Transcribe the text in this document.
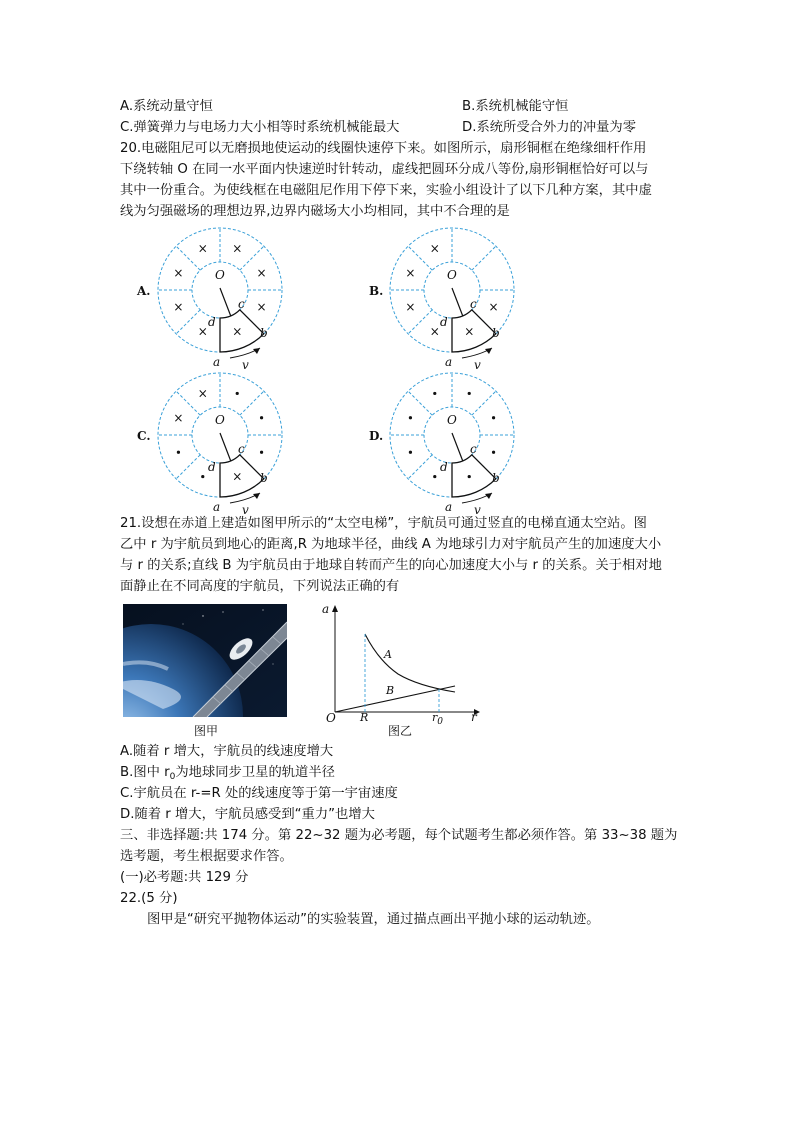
A.系统动量守恒	B.系统机械能守恒
C.弹簧弹力与电场力大小相等时系统机械能最大	D.系统所受合外力的冲量为零
20.电磁阻尼可以无磨损地使运动的线圈快速停下来。如图所示，扇形铜框在绝缘细杆作用
下绕转轴 O 在同一水平面内快速逆时针转动，虚线把圆环分成八等份,扇形铜框恰好可以与
其中一份重合。为使线框在电磁阻尼作用下停下来，实验小组设计了以下几种方案，其中虚
线为匀强磁场的理想边界,边界内磁场大小均相同，其中不合理的是
×
×
×
×
× ×
×
×
A.
O
a
b
c
d
v
×
×
×
×
×
×
B.
O
a
b
c
d
v
×
×
×
C.
O
a
b
c
d
v
D.
O
a
b
c
d
v
21.设想在赤道上建造如图甲所示的“太空电梯”，宇航员可通过竖直的电梯直通太空站。图
乙中 r 为宇航员到地心的距离,R 为地球半径，曲线 A 为地球引力对宇航员产生的加速度大小
与 r 的关系;直线 B 为宇航员由于地球自转而产生的向心加速度大小与 r 的关系。关于相对地
面静止在不同高度的宇航员，下列说法正确的有
图甲
a
r
O R	$r_0$
A
B
图乙
A.随着 r 增大，宇航员的线速度增大
B.图中 $r_0$为地球同步卫星的轨道半径
C.宇航员在 r-=R 处的线速度等于第一宇宙速度
D.随着 r 增大，宇航员感受到“重力”也增大
三、非选择题:共 174 分。第 22~32 题为必考题，每个试题考生都必须作答。第 33~38 题为
选考题，考生根据要求作答。
(一)必考题:共 129 分
22.(5 分)
图甲是“研究平抛物体运动”的实验装置，通过描点画出平抛小球的运动轨迹。
